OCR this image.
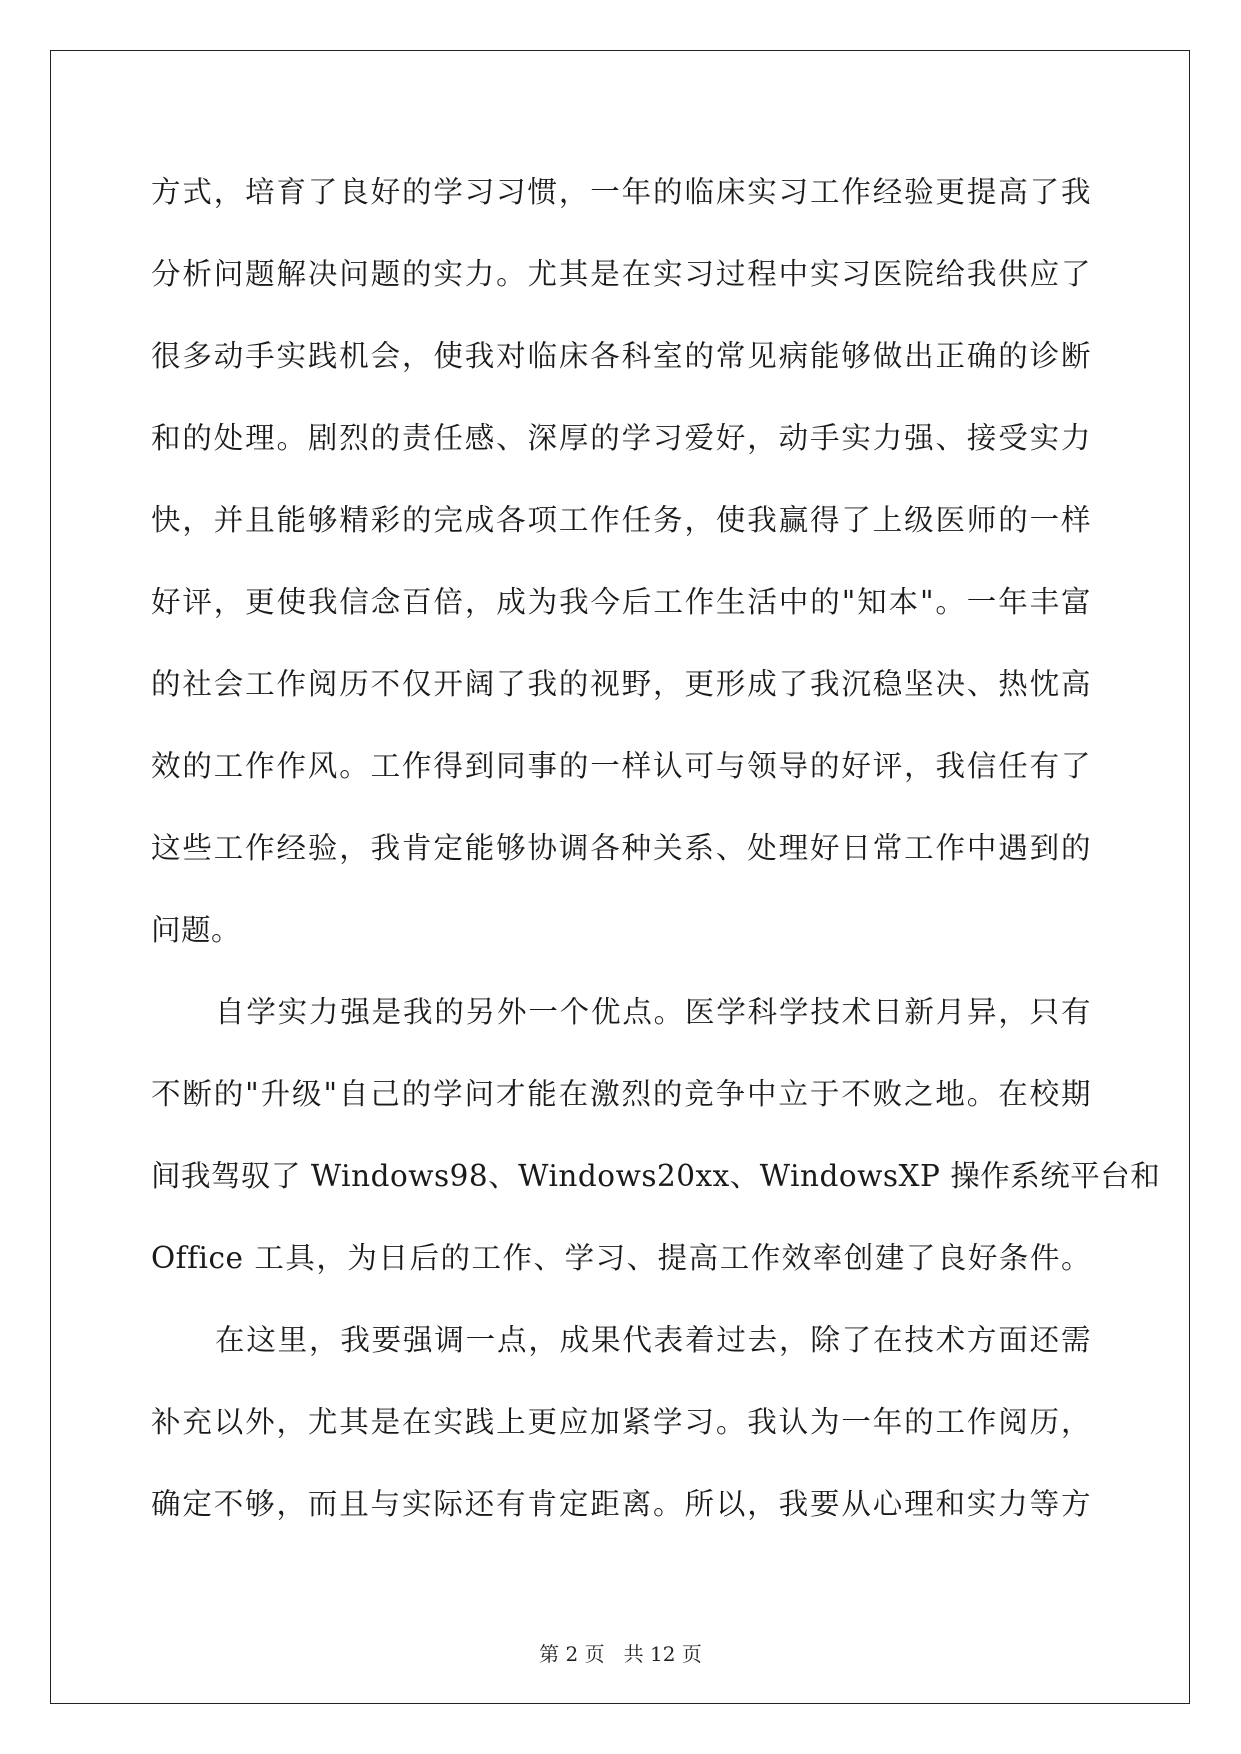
方式，培育了良好的学习习惯，一年的临床实习工作经验更提高了我
分析问题解决问题的实力。尤其是在实习过程中实习医院给我供应了
很多动手实践机会，使我对临床各科室的常见病能够做出正确的诊断
和的处理。剧烈的责任感、深厚的学习爱好，动手实力强、接受实力
快，并且能够精彩的完成各项工作任务，使我赢得了上级医师的一样
好评，更使我信念百倍，成为我今后工作生活中的"知本"。一年丰富
的社会工作阅历不仅开阔了我的视野，更形成了我沉稳坚决、热忱高
效的工作作风。工作得到同事的一样认可与领导的好评，我信任有了
这些工作经验，我肯定能够协调各种关系、处理好日常工作中遇到的
问题。
自学实力强是我的另外一个优点。医学科学技术日新月异，只有
不断的"升级"自己的学问才能在激烈的竞争中立于不败之地。在校期
间我驾驭了 Windows98、Windows20xx、WindowsXP 操作系统平台和
Office 工具，为日后的工作、学习、提高工作效率创建了良好条件。
在这里，我要强调一点，成果代表着过去，除了在技术方面还需
补充以外，尤其是在实践上更应加紧学习。我认为一年的工作阅历，
确定不够，而且与实际还有肯定距离。所以，我要从心理和实力等方
第 2 页 共 12 页
